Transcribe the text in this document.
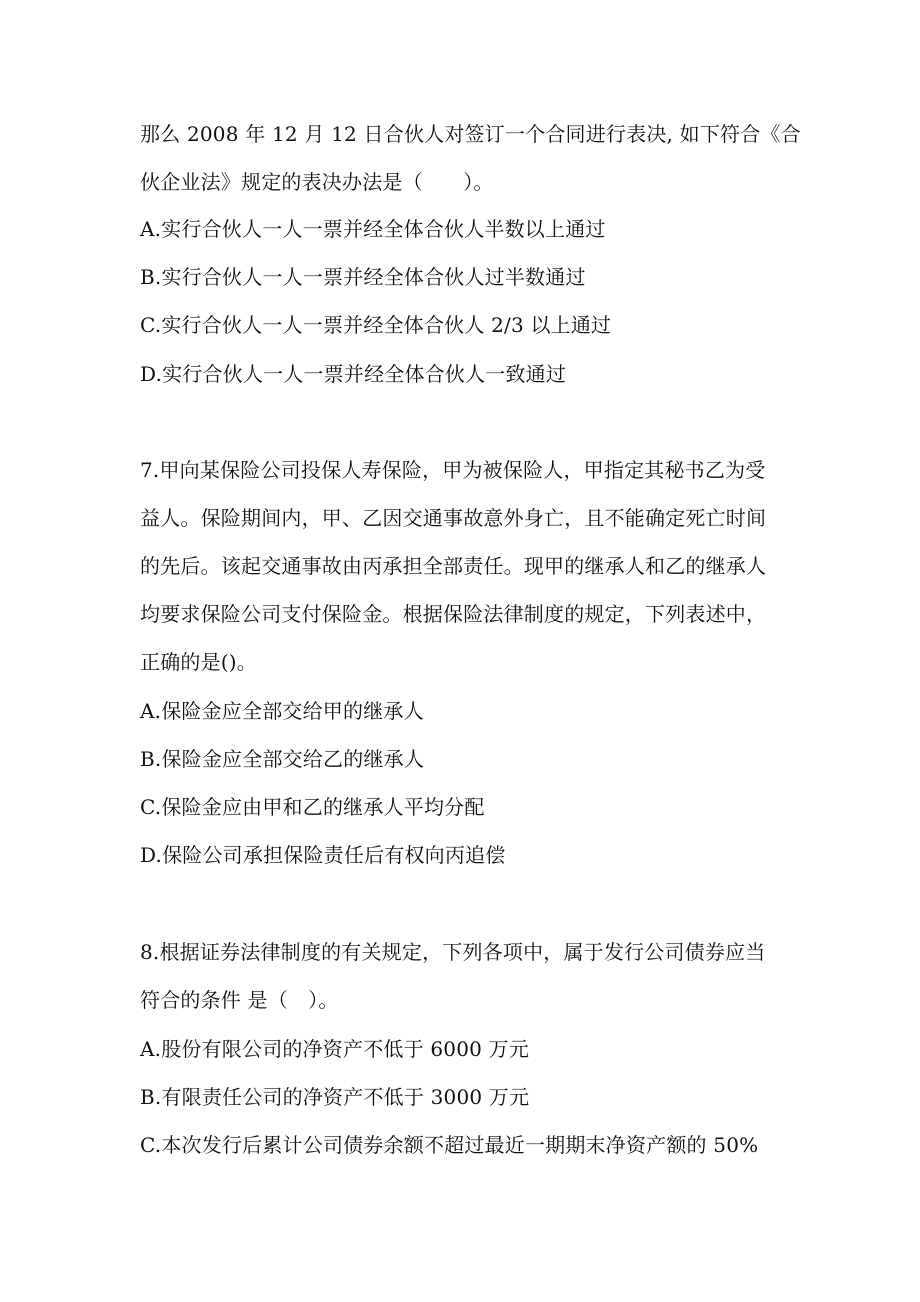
那么 2008 年 12 月 12 日合伙人对签订一个合同进行表决, 如下符合《合
伙企业法》规定的表决办法是（　　）。
A.实行合伙人一人一票并经全体合伙人半数以上通过
B.实行合伙人一人一票并经全体合伙人过半数通过
C.实行合伙人一人一票并经全体合伙人 2/3 以上通过
D.实行合伙人一人一票并经全体合伙人一致通过
7.甲向某保险公司投保人寿保险，甲为被保险人，甲指定其秘书乙为受
益人。保险期间内，甲、乙因交通事故意外身亡，且不能确定死亡时间
的先后。该起交通事故由丙承担全部责任。现甲的继承人和乙的继承人
均要求保险公司支付保险金。根据保险法律制度的规定，下列表述中，
正确的是()。
A.保险金应全部交给甲的继承人
B.保险金应全部交给乙的继承人
C.保险金应由甲和乙的继承人平均分配
D.保险公司承担保险责任后有权向丙追偿
8.根据证券法律制度的有关规定，下列各项中，属于发行公司债券应当
符合的条件 是（　）。
A.股份有限公司的净资产不低于 6000 万元
B.有限责任公司的净资产不低于 3000 万元
C.本次发行后累计公司债券余额不超过最近一期期末净资产额的 50%
